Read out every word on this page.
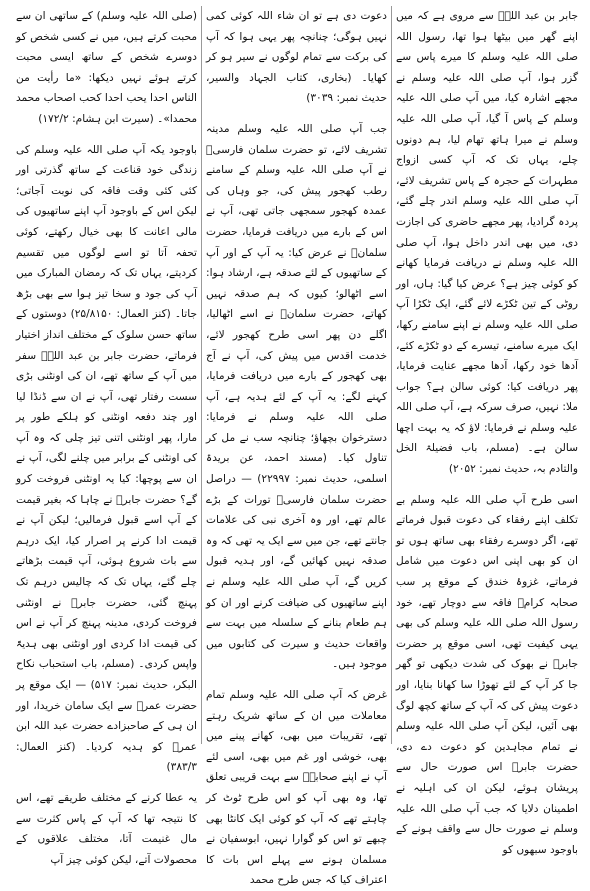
جابر بن عبد اللہؓ سے مروی ہے کہ میں اپنے گھر میں بیٹھا ہوا تھا، رسول اللہ صلی اللہ علیہ وسلم کا میرے پاس سے گزر ہوا، آپ صلی اللہ علیہ وسلم نے مجھے اشارہ کیا، میں آپ صلی اللہ علیہ وسلم کے پاس آ گیا، آپ صلی اللہ علیہ وسلم نے میرا ہاتھ تھام لیا، ہم دونوں چلے، یہاں تک کہ آپ کسی ازواج مطہرات کے حجرہ کے پاس تشریف لائے، آپ صلی اللہ علیہ وسلم اندر چلے گئے، پردہ گرادیا، پھر مجھے حاضری کی اجازت دی، میں بھی اندر داخل ہوا، آپ صلی اللہ علیہ وسلم نے دریافت فرمایا کھانے کو کوئی چیز ہے؟ عرض کیا گیا: ہاں، اور روٹی کے تین ٹکڑے لائے گئے، ایک ٹکڑا آپ صلی اللہ علیہ وسلم نے اپنے سامنے رکھا، ایک میرے سامنے، تیسرے کے دو ٹکڑے کئے، آدھا خود رکھا، آدھا مجھے عنایت فرمایا، پھر دریافت کیا: کوئی سالن ہے؟ جواب ملا: نہیں، صرف سرکہ ہے، آپ صلی اللہ علیہ وسلم نے فرمایا: لاؤ کہ یہ بہت اچھا سالن ہے۔ (مسلم، باب فضیلۃ الخل والتادم بہ، حدیث نمبر: ۲۰۵۲)

اسی طرح آپ صلی اللہ علیہ وسلم بے تکلف اپنے رفقاء کی دعوت قبول فرماتے تھے، اگر دوسرے رفقاء بھی ساتھ ہوں تو ان کو بھی اپنی اس دعوت میں شامل فرماتے، غزوۂ خندق کے موقع پر سب صحابہ کرامؓ فاقہ سے دوچار تھے، خود رسول اللہ صلی اللہ علیہ وسلم کی بھی یہی کیفیت تھی، اسی موقع پر حضرت جابرؓ نے بھوک کی شدت دیکھی تو گھر جا کر آپ کے لئے تھوڑا سا کھانا بنایا، اور دعوت پیش کی کہ آپ کے ساتھ کچھ لوگ بھی آئیں، لیکن آپ صلی اللہ علیہ وسلم نے تمام مجاہدین کو دعوت دے دی، حضرت جابرؓ اس صورت حال سے پریشان ہوئے، لیکن ان کی اہلیہ نے اطمینان دلایا کہ جب آپ صلی اللہ علیہ وسلم نے صورت حال سے واقف ہونے کے باوجود سبھوں کو

دعوت دی ہے تو ان شاء اللہ کوئی کمی نہیں ہوگی؛ چنانچہ پھر یہی ہوا کہ آپ کی برکت سے تمام لوگوں نے سیر ہو کر کھایا۔ (بخاری، کتاب الجہاد والسیر، حدیث نمبر: ۳۰۳۹)

جب آپ صلی اللہ علیہ وسلم مدینہ تشریف لائے، تو حضرت سلمان فارسیؓ نے آپ صلی اللہ علیہ وسلم کے سامنے رطب کھجور پیش کی، جو وہاں کی عمدہ کھجور سمجھی جاتی تھی، آپ نے اس کے بارے میں دریافت فرمایا، حضرت سلمانؓ نے عرض کیا: یہ آپ کے اور آپ کے ساتھیوں کے لئے صدقہ ہے، ارشاد ہوا: اسے اٹھالو؛ کیوں کہ ہم صدقہ نہیں کھاتے، حضرت سلمانؓ نے اسے اٹھالیا، اگلے دن پھر اسی طرح کھجور لائے، خدمت اقدس میں پیش کی، آپ نے آج بھی کھجور کے بارے میں دریافت فرمایا، کہنے لگے: یہ آپ کے لئے ہدیہ ہے، آپ صلی اللہ علیہ وسلم نے فرمایا: دسترخوان بچھاؤ؛ چنانچہ سب نے مل کر تناول کیا۔ (مسند احمد، عن بریدۃ اسلمی، حدیث نمبر: ۲۲۹۹۷) — دراصل حضرت سلمان فارسیؓ تورات کے بڑے عالم تھے، اور وہ آخری نبی کی علامات جانتے تھے، جن میں سے ایک یہ تھی کہ وہ صدقہ نہیں کھائیں گے، اور ہدیہ قبول کریں گے، آپ صلی اللہ علیہ وسلم نے اپنے ساتھیوں کی ضیافت کرنے اور ان کو ہم طعام بنانے کے سلسلہ میں بہت سے واقعات حدیث و سیرت کی کتابوں میں موجود ہیں۔

غرض کہ آپ صلی اللہ علیہ وسلم تمام معاملات میں ان کے ساتھ شریک رہتے تھے، تقریبات میں بھی، کھانے پینے میں بھی، خوشی اور غم میں بھی، اسی لئے آپ نے اپنے صحابہؓ سے بہت قریبی تعلق تھا، وہ بھی آپ کو اس طرح ٹوٹ کر چاہتے تھے کہ آپ کو کوئی ایک کانٹا بھی چبھے تو اس کو گوارا نہیں، ابوسفیان نے مسلمان ہونے سے پہلے اس بات کا اعتراف کیا کہ جس طرح محمد

(صلی اللہ علیہ وسلم) کے ساتھی ان سے محبت کرتے ہیں، میں نے کسی شخص کو دوسرے شخص کے ساتھ ایسی محبت کرتے ہوئے نہیں دیکھا: «ما رأیت من الناس احدا یحب احدا کحب اصحاب محمد محمدا»۔ (سیرت ابن ہشام: ۱۷۲/۲)

باوجود یکہ آپ صلی اللہ علیہ وسلم کی زندگی خود قناعت کے ساتھ گذرتی اور کئی کئی وقت فاقہ کی نوبت آجاتی؛ لیکن اس کے باوجود آپ اپنے ساتھیوں کی مالی اعانت کا بھی خیال رکھتے، کوئی تحفہ آتا تو اسے لوگوں میں تقسیم کردیتے، یہاں تک کہ رمضان المبارک میں آپ کی جود و سخا تیز ہوا سے بھی بڑھ جاتا۔ (کنز العمال: ۲۵/۸۱۵۰) دوستوں کے ساتھ حسن سلوک کے مختلف انداز اختیار فرماتے، حضرت جابر بن عبد اللہؓ سفر میں آپ کے ساتھ تھے، ان کی اونٹنی بڑی سست رفتار تھی، آپ نے ان سے ڈنڈا لیا اور چند دفعہ اونٹنی کو ہلکے طور پر مارا، پھر اونٹنی اتنی تیز چلی کہ وہ آپ کی اونٹنی کے برابر میں چلنے لگی، آپ نے ان سے پوچھا: کیا یہ اونٹنی فروخت کرو گے؟ حضرت جابرؓ نے چاہا کہ بغیر قیمت کے آپ اسے قبول فرمالیں؛ لیکن آپ نے قیمت ادا کرنے پر اصرار کیا، ایک درہم سے بات شروع ہوئی، آپ قیمت بڑھاتے چلے گئے، یہاں تک کہ چالیس درہم تک پہنچ گئی، حضرت جابرؓ نے اونٹنی فروخت کردی، مدینہ پہنچ کر آپ نے اس کی قیمت ادا کردی اور اونٹنی بھی ہدیۃً واپس کردی۔ (مسلم، باب استحباب نکاح البکر، حدیث نمبر: ۵۱۷) — ایک موقع پر حضرت عمرؓ سے ایک سامان خریدا، اور ان ہی کے صاحبزادے حضرت عبد اللہ ابن عمرؓ کو ہدیہ کردیا۔ (کنز العمال: ۳۸۳/۳)

یہ عطا کرنے کے مختلف طریقے تھے، اس کا نتیجہ تھا کہ آپ کے پاس کثرت سے مال غنیمت آتا، مختلف علاقوں کے محصولات آتے، لیکن کوئی چیز آپ
